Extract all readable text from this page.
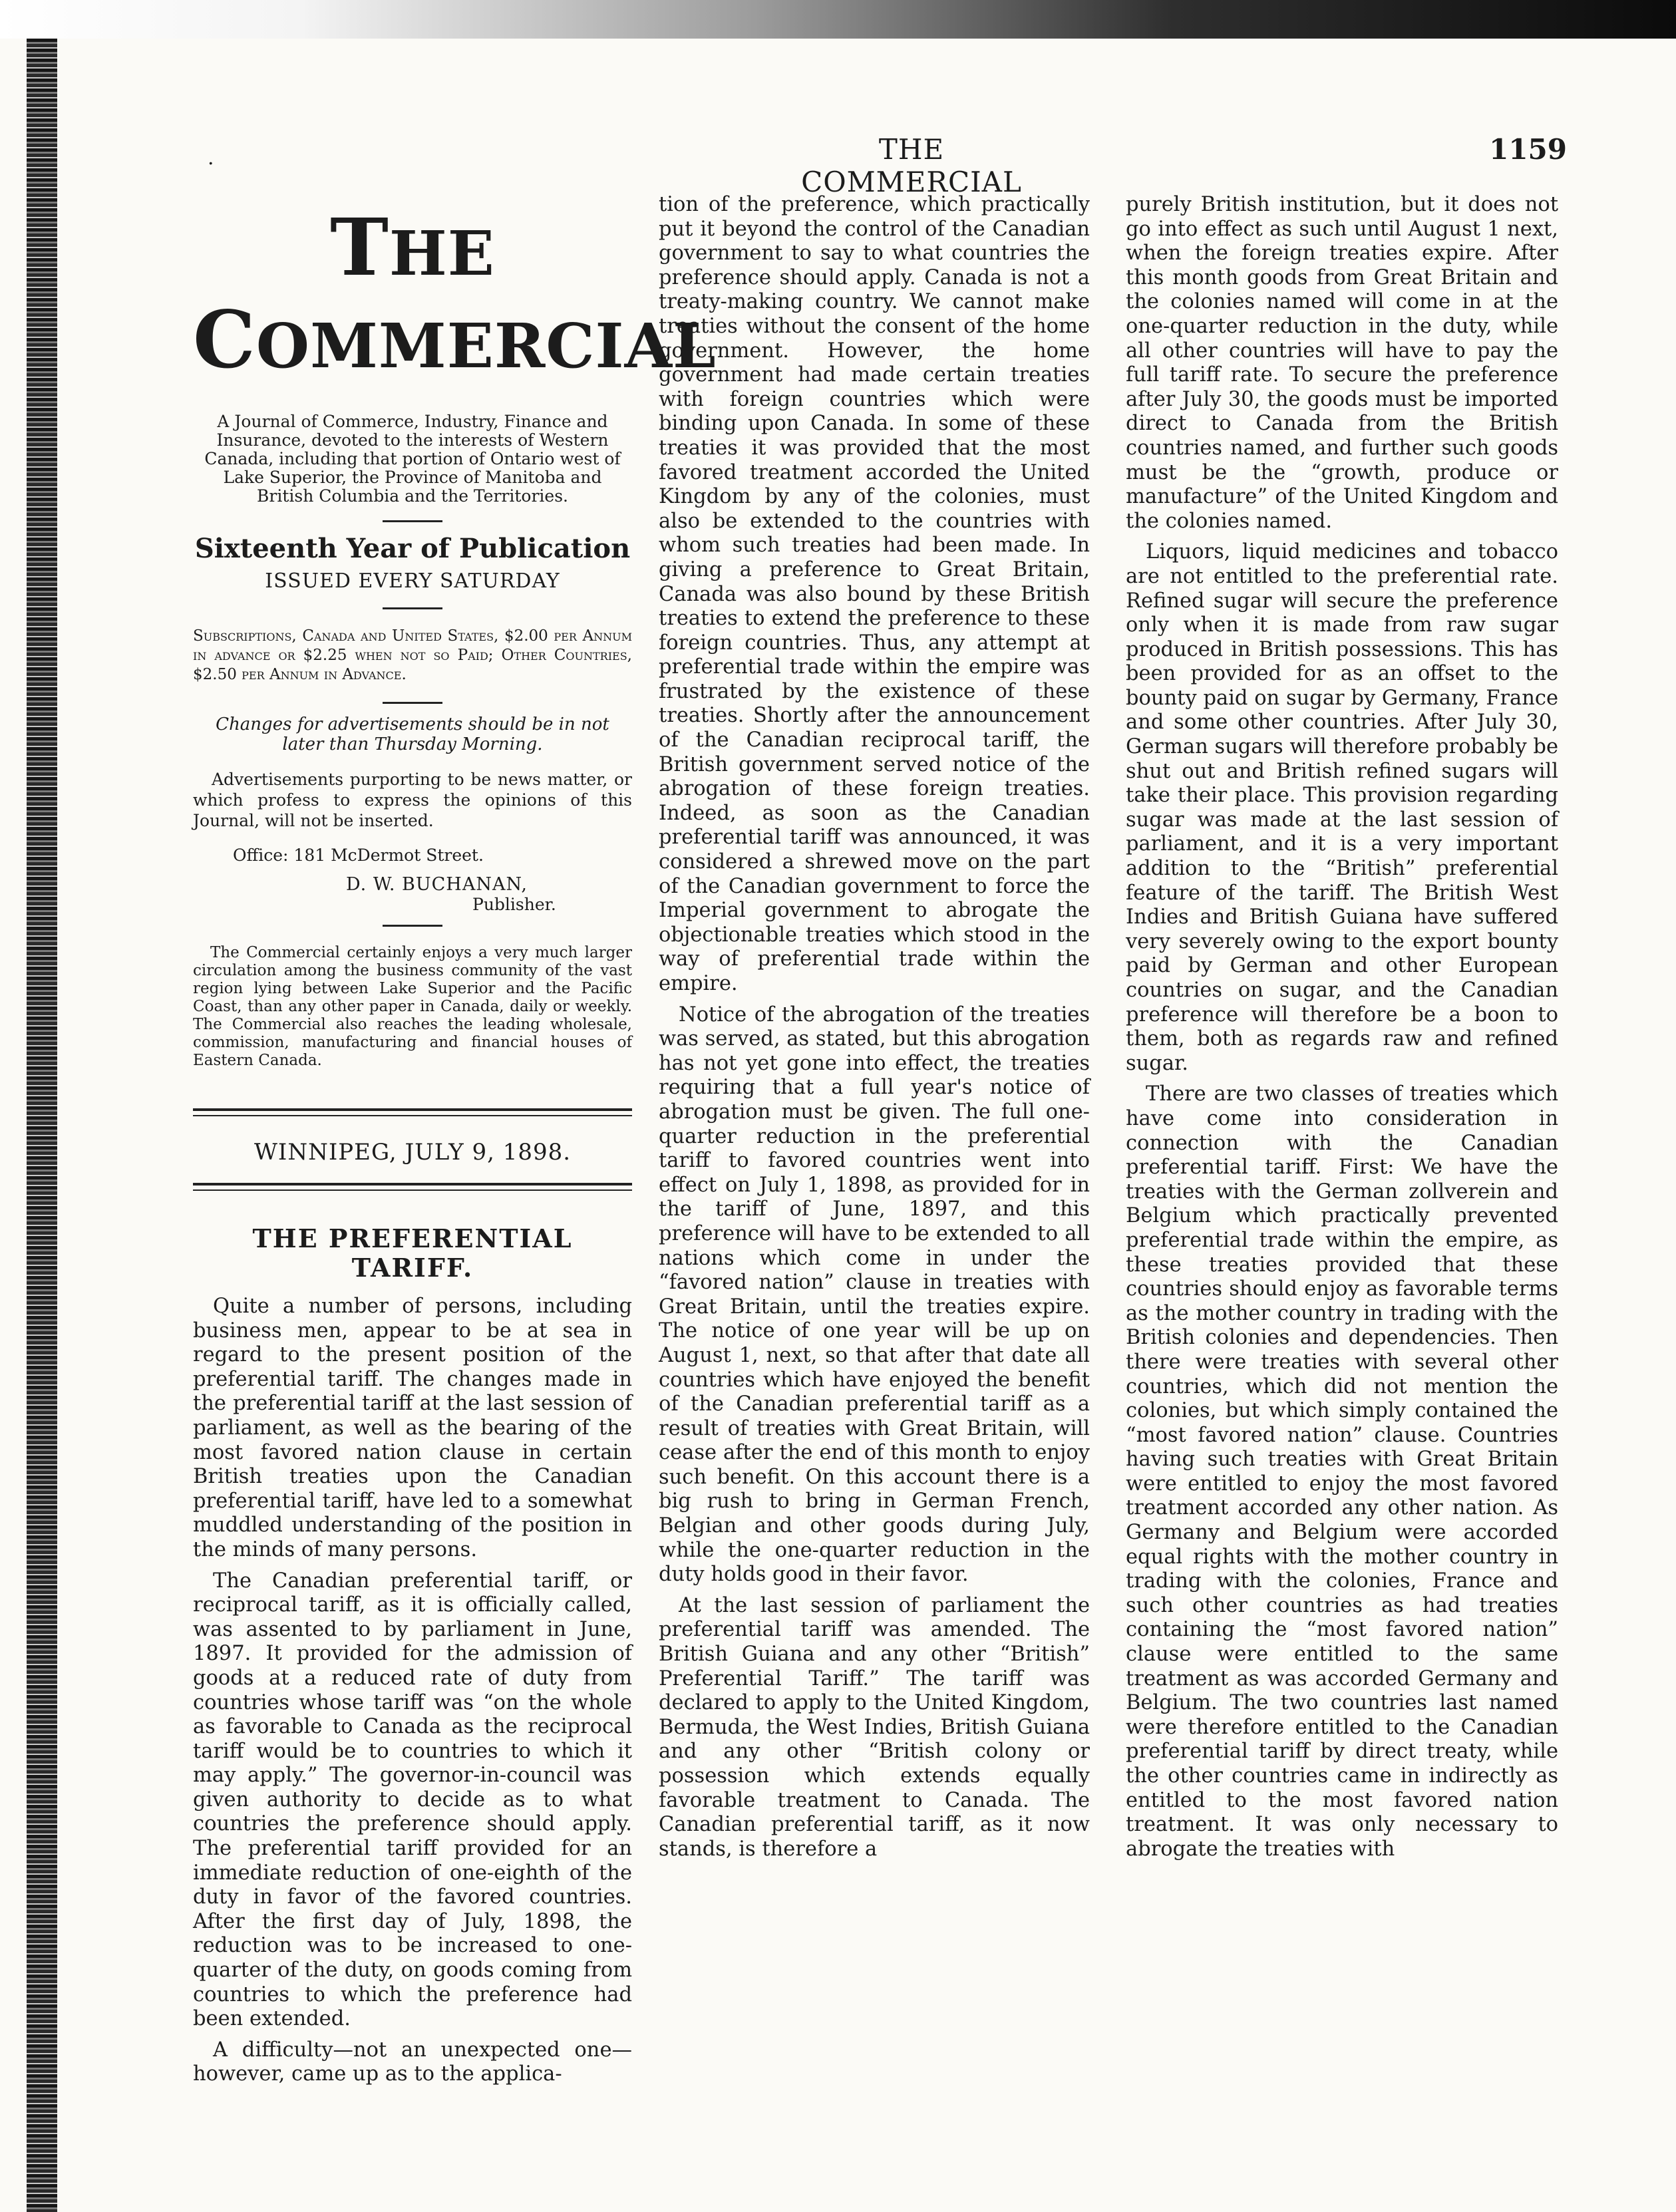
.	THE COMMERCIAL
1159
THE COMMERCIAL
A Journal of Commerce, Industry, Finance and Insurance, devoted to the interests of Western Canada, including that portion of Ontario west of Lake Superior, the Province of Manitoba and British Columbia and the Territories.
Sixteenth Year of Publication
ISSUED EVERY SATURDAY
Subscriptions, Canada and United States, $2.00 per Annum in advance or $2.25 when not so Paid; Other Countries, $2.50 per Annum in Advance.
Changes for advertisements should be in not later than Thursday Morning.
Advertisements purporting to be news matter, or which profess to express the opinions of this Journal, will not be inserted.
Office: 181 McDermot Street.
D. W. BUCHANAN,
Publisher.
The Commercial certainly enjoys a very much larger circulation among the business community of the vast region lying between Lake Superior and the Pacific Coast, than any other paper in Canada, daily or weekly. The Commercial also reaches the leading wholesale, commission, manufacturing and financial houses of Eastern Canada.
WINNIPEG, JULY 9, 1898.
THE PREFERENTIAL TARIFF.

Quite a number of persons, including business men, appear to be at sea in regard to the present position of the preferential tariff. The changes made in the preferential tariff at the last session of parliament, as well as the bearing of the most favored nation clause in certain British treaties upon the Canadian preferential tariff, have led to a somewhat muddled understanding of the position in the minds of many persons.

The Canadian preferential tariff, or reciprocal tariff, as it is officially called, was assented to by parliament in June, 1897. It provided for the admission of goods at a reduced rate of duty from countries whose tariff was “on the whole as favorable to Canada as the reciprocal tariff would be to countries to which it may apply.” The governor-in-council was given authority to decide as to what countries the preference should apply. The preferential tariff provided for an immediate reduction of one-eighth of the duty in favor of the favored countries. After the first day of July, 1898, the reduction was to be increased to one-quarter of the duty, on goods coming from countries to which the preference had been extended.

A difficulty—not an unexpected one—however, came up as to the applica-

tion of the preference, which practically put it beyond the control of the Canadian government to say to what countries the preference should apply. Canada is not a treaty-making country. We cannot make treaties without the consent of the home government. However, the home government had made certain treaties with foreign countries which were binding upon Canada. In some of these treaties it was provided that the most favored treatment accorded the United Kingdom by any of the colonies, must also be extended to the countries with whom such treaties had been made. In giving a preference to Great Britain, Canada was also bound by these British treaties to extend the preference to these foreign countries. Thus, any attempt at preferential trade within the empire was frustrated by the existence of these treaties. Shortly after the announcement of the Canadian reciprocal tariff, the British government served notice of the abrogation of these foreign treaties. Indeed, as soon as the Canadian preferential tariff was announced, it was considered a shrewed move on the part of the Canadian government to force the Imperial government to abrogate the objectionable treaties which stood in the way of preferential trade within the empire.

Notice of the abrogation of the treaties was served, as stated, but this abrogation has not yet gone into effect, the treaties requiring that a full year's notice of abrogation must be given. The full one-quarter reduction in the preferential tariff to favored countries went into effect on July 1, 1898, as provided for in the tariff of June, 1897, and this preference will have to be extended to all nations which come in under the “favored nation” clause in treaties with Great Britain, until the treaties expire. The notice of one year will be up on August 1, next, so that after that date all countries which have enjoyed the benefit of the Canadian preferential tariff as a result of treaties with Great Britain, will cease after the end of this month to enjoy such benefit. On this account there is a big rush to bring in German French, Belgian and other goods during July, while the one-quarter reduction in the duty holds good in their favor.

At the last session of parliament the preferential tariff was amended. The British Guiana and any other “British” Preferential Tariff.” The tariff was declared to apply to the United Kingdom, Bermuda, the West Indies, British Guiana and any other “British colony or possession which extends equally favorable treatment to Canada. The Canadian preferential tariff, as it now stands, is therefore a

purely British institution, but it does not go into effect as such until August 1 next, when the foreign treaties expire. After this month goods from Great Britain and the colonies named will come in at the one-quarter reduction in the duty, while all other countries will have to pay the full tariff rate. To secure the preference after July 30, the goods must be imported direct to Canada from the British countries named, and further such goods must be the “growth, produce or manufacture” of the United Kingdom and the colonies named.

Liquors, liquid medicines and tobacco are not entitled to the preferential rate. Refined sugar will secure the preference only when it is made from raw sugar produced in British possessions. This has been provided for as an offset to the bounty paid on sugar by Germany, France and some other countries. After July 30, German sugars will therefore probably be shut out and British refined sugars will take their place. This provision regarding sugar was made at the last session of parliament, and it is a very important addition to the “British” preferential feature of the tariff. The British West Indies and British Guiana have suffered very severely owing to the export bounty paid by German and other European countries on sugar, and the Canadian preference will therefore be a boon to them, both as regards raw and refined sugar.

There are two classes of treaties which have come into consideration in connection with the Canadian preferential tariff. First: We have the treaties with the German zollverein and Belgium which practically prevented preferential trade within the empire, as these treaties provided that these countries should enjoy as favorable terms as the mother country in trading with the British colonies and dependencies. Then there were treaties with several other countries, which did not mention the colonies, but which simply contained the “most favored nation” clause. Countries having such treaties with Great Britain were entitled to enjoy the most favored treatment accorded any other nation. As Germany and Belgium were accorded equal rights with the mother country in trading with the colonies, France and such other countries as had treaties containing the “most favored nation” clause were entitled to the same treatment as was accorded Germany and Belgium. The two countries last named were therefore entitled to the Canadian preferential tariff by direct treaty, while the other countries came in indirectly as entitled to the most favored nation treatment. It was only necessary to abrogate the treaties with
